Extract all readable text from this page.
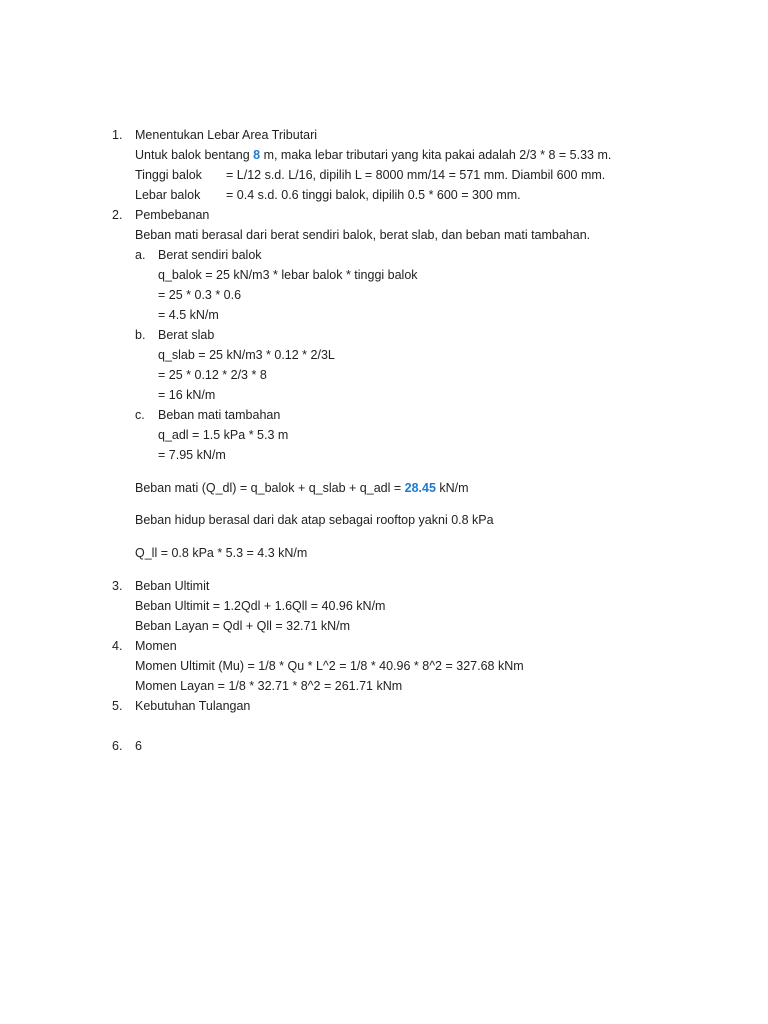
1. Menentukan Lebar Area Tributari
Untuk balok bentang 8 m, maka lebar tributari yang kita pakai adalah 2/3 * 8 = 5.33 m.
Tinggi balok = L/12 s.d. L/16, dipilih L = 8000 mm/14 = 571 mm. Diambil 600 mm.
Lebar balok = 0.4 s.d. 0.6 tinggi balok, dipilih 0.5 * 600 = 300 mm.
2. Pembebanan
Beban mati berasal dari berat sendiri balok, berat slab, dan beban mati tambahan.
a. Berat sendiri balok
q_balok = 25 kN/m3 * lebar balok * tinggi balok
= 25 * 0.3 * 0.6
= 4.5 kN/m
b. Berat slab
q_slab = 25 kN/m3 * 0.12 * 2/3L
= 25 * 0.12 * 2/3 * 8
= 16 kN/m
c. Beban mati tambahan
q_adl = 1.5 kPa * 5.3 m
= 7.95 kN/m
Beban mati (Q_dl) = q_balok + q_slab + q_adl = 28.45 kN/m
Beban hidup berasal dari dak atap sebagai rooftop yakni 0.8 kPa
Q_ll = 0.8 kPa * 5.3 = 4.3 kN/m
3. Beban Ultimit
Beban Ultimit = 1.2Qdl + 1.6Qll = 40.96 kN/m
Beban Layan = Qdl + Qll = 32.71 kN/m
4. Momen
Momen Ultimit (Mu) = 1/8 * Qu * L^2 = 1/8 * 40.96 * 8^2 = 327.68 kNm
Momen Layan = 1/8 * 32.71 * 8^2 = 261.71 kNm
5. Kebutuhan Tulangan
6. 6
